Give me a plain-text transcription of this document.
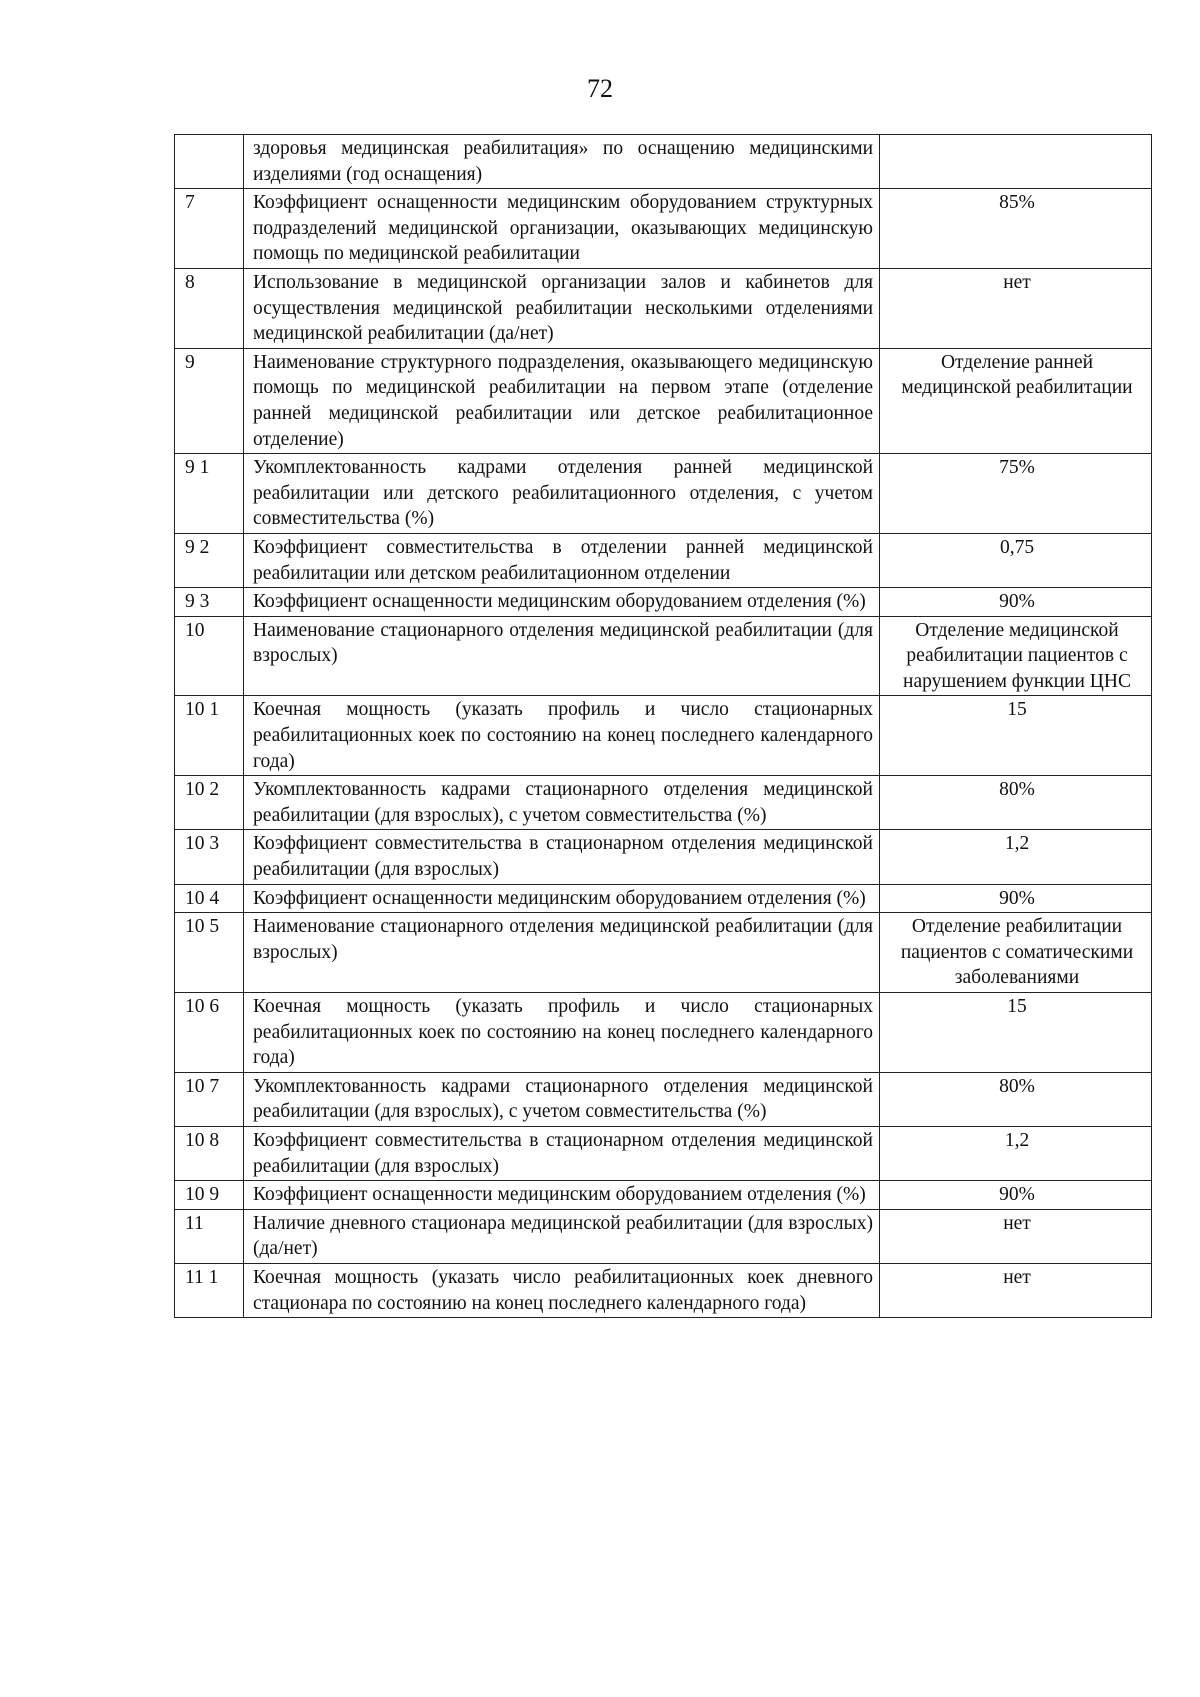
72
	здоровья медицинская реабилитация» по оснащению медицинскими изделиями (год оснащения)	
7	Коэффициент оснащенности медицинским оборудованием структурных подразделений медицинской организации, оказывающих медицинскую помощь по медицинской реабилитации	85%
8	Использование в медицинской организации залов и кабинетов для осуществления медицинской реабилитации несколькими отделениями медицинской реабилитации (да/нет)	нет
9	Наименование структурного подразделения, оказывающего медицинскую помощь по медицинской реабилитации на первом этапе (отделение ранней медицинской реабилитации или детское реабилитационное отделение)	Отделение ранней медицинской реабилитации
9 1	Укомплектованность кадрами отделения ранней медицинской реабилитации или детского реабилитационного отделения, с учетом совместительства (%)	75%
9 2	Коэффициент совместительства в отделении ранней медицинской реабилитации или детском реабилитационном отделении	0,75
9 3	Коэффициент оснащенности медицинским оборудованием отделения (%)	90%
10	Наименование стационарного отделения медицинской реабилитации (для взрослых)	Отделение медицинской реабилитации пациентов с нарушением функции ЦНС
10 1	Коечная мощность (указать профиль и число стационарных реабилитационных коек по состоянию на конец последнего календарного года)	15
10 2	Укомплектованность кадрами стационарного отделения медицинской реабилитации (для взрослых), с учетом совместительства (%)	80%
10 3	Коэффициент совместительства в стационарном отделения медицинской реабилитации (для взрослых)	1,2
10 4	Коэффициент оснащенности медицинским оборудованием отделения (%)	90%
10 5	Наименование стационарного отделения медицинской реабилитации (для взрослых)	Отделение реабилитации пациентов с соматическими заболеваниями
10 6	Коечная мощность (указать профиль и число стационарных реабилитационных коек по состоянию на конец последнего календарного года)	15
10 7	Укомплектованность кадрами стационарного отделения медицинской реабилитации (для взрослых), с учетом совместительства (%)	80%
10 8	Коэффициент совместительства в стационарном отделения медицинской реабилитации (для взрослых)	1,2
10 9	Коэффициент оснащенности медицинским оборудованием отделения (%)	90%
11	Наличие дневного стационара медицинской реабилитации (для взрослых) (да/нет)	нет
11 1	Коечная мощность (указать число реабилитационных коек дневного стационара по состоянию на конец последнего календарного года)	нет
